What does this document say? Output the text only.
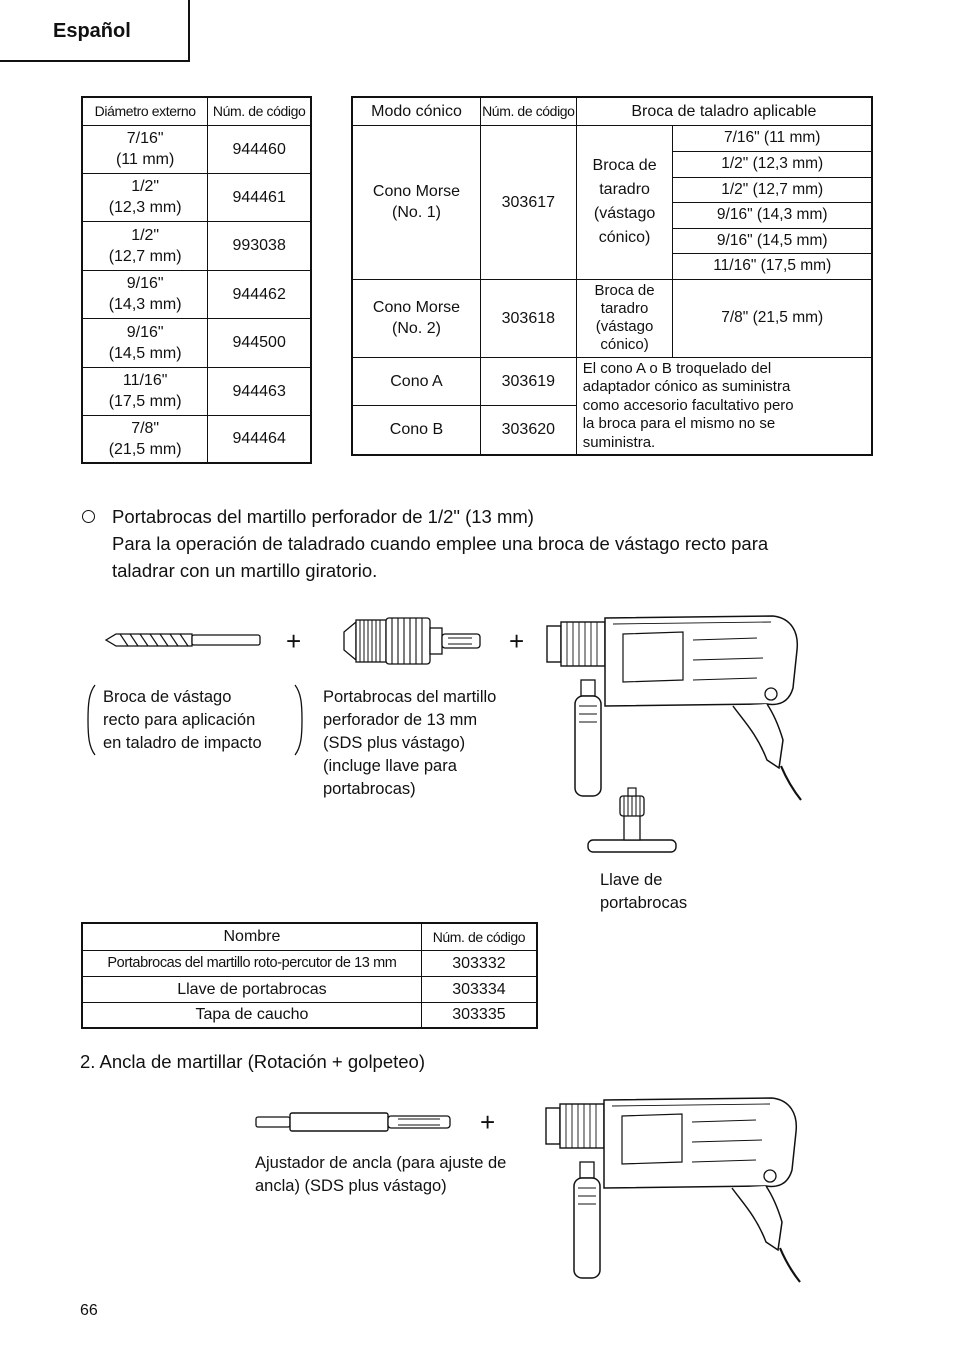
Español
Diámetro externo	Núm. de código
7/16"
(11 mm)	944460
1/2"
(12,3 mm)	944461
1/2"
(12,7 mm)	993038
9/16"
(14,3 mm)	944462
9/16"
(14,5 mm)	944500
11/16"
(17,5 mm)	944463
7/8"
(21,5 mm)	944464
Modo cónico	Núm. de código	Broca de taladro aplicable	
Cono Morse
(No. 1)	303617	Broca de
taradro
(vástago
cónico)	7/16" (11 mm)
			1/2" (12,3 mm)
			1/2" (12,7 mm)
			9/16" (14,3 mm)
			9/16" (14,5 mm)
			11/16" (17,5 mm)
Cono Morse
(No. 2)	303618	Broca de
taradro
(vástago
cónico)	7/8" (21,5 mm)
Cono A	303619	El cono A o B troquelado del
adaptador cónico as suministra
como accesorio facultativo pero
la broca para el mismo no se
suministra.	
Cono B	303620		
Portabrocas del martillo perforador de 1/2" (13 mm)
Para la operación de taladrado cuando emplee una broca de vástago recto para
taladrar con un martillo giratorio.
+	+
Broca de vástago
recto para aplicación
en taladro de impacto
Portabrocas del martillo
perforador de 13 mm
(SDS plus vástago)
(incluge llave para
portabrocas)
Llave de
portabrocas
Nombre	Núm. de código
Portabrocas del martillo roto-percutor de 13 mm	303332
Llave de portabrocas	303334
Tapa de caucho	303335
2. Ancla de martillar (Rotación + golpeteo)
+
Ajustador de ancla (para ajuste de
ancla) (SDS plus vástago)
66
